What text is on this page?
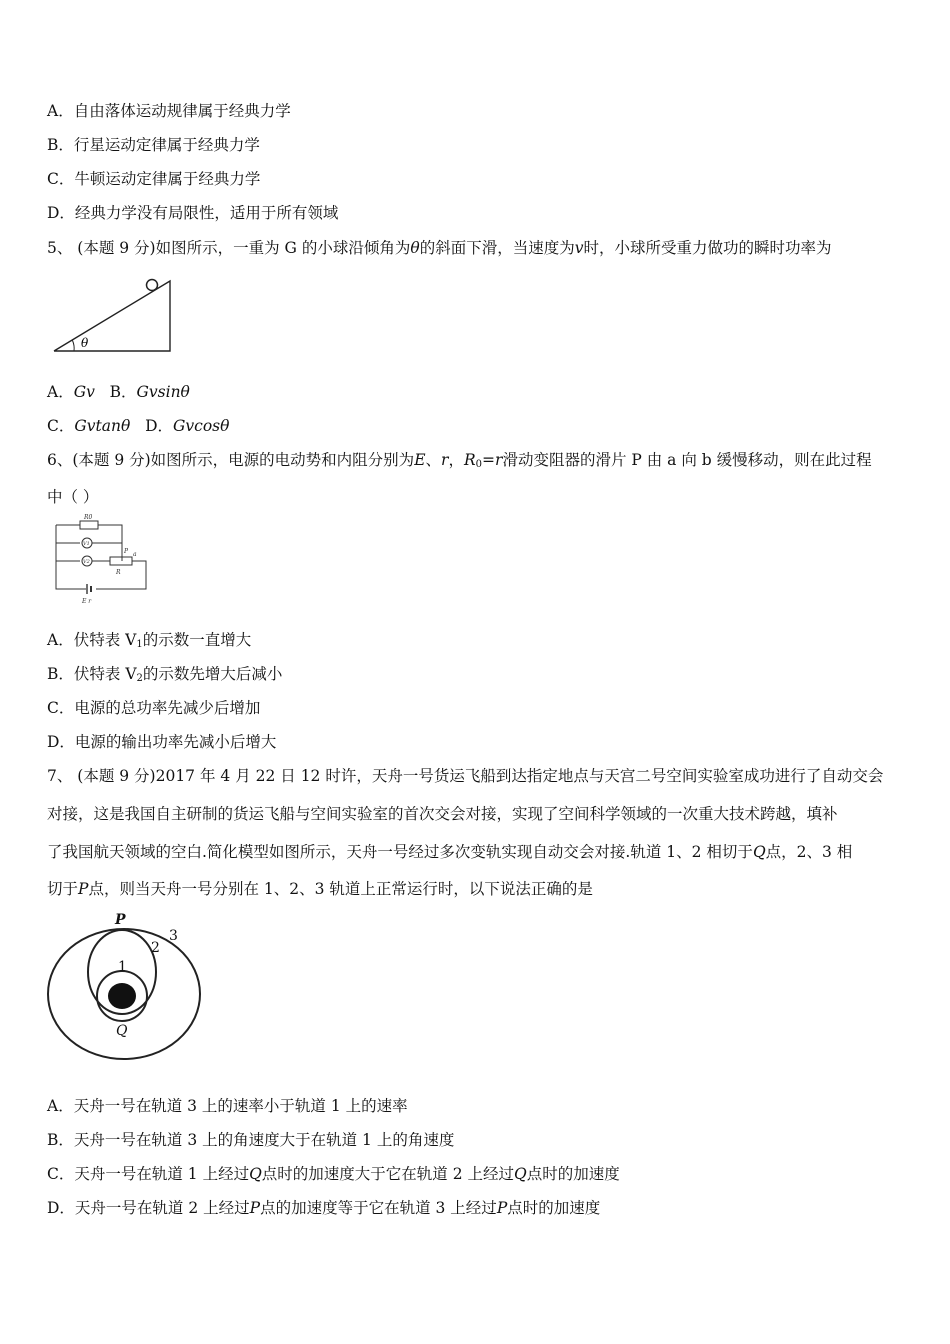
A．自由落体运动规律属于经典力学
B．行星运动定律属于经典力学
C．牛顿运动定律属于经典力学
D．经典力学没有局限性，适用于所有领域
5、 (本题 9 分)如图所示，一重为 G 的小球沿倾角为θ的斜面下滑，当速度为v时，小球所受重力做功的瞬时功率为
θ
A．Gv B．Gvsinθ
C．Gvtanθ D．Gvcosθ
6、(本题 9 分)如图所示，电源的电动势和内阻分别为E、r，$R_0=r$滑动变阻器的滑片 P 由 a 向 b 缓慢移动，则在此过程
中（ ）
R0
V1
V2
P a
R
E r
A．伏特表 $V_1$的示数一直增大
B．伏特表 $V_2$的示数先增大后减小
C．电源的总功率先减少后增加
D．电源的输出功率先减小后增大
7、 (本题 9 分)2017 年 4 月 22 日 12 时许，天舟一号货运飞船到达指定地点与天宫二号空间实验室成功进行了自动交会
对接，这是我国自主研制的货运飞船与空间实验室的首次交会对接，实现了空间科学领域的一次重大技术跨越，填补
了我国航天领域的空白.简化模型如图所示，天舟一号经过多次变轨实现自动交会对接.轨道 1、2 相切于Q点，2、3 相
切于P点，则当天舟一号分别在 1、2、3 轨道上正常运行时，以下说法正确的是
P
Q
1
2
3
A．天舟一号在轨道 3 上的速率小于轨道 1 上的速率
B．天舟一号在轨道 3 上的角速度大于在轨道 1 上的角速度
C．天舟一号在轨道 1 上经过Q点时的加速度大于它在轨道 2 上经过Q点时的加速度
D．天舟一号在轨道 2 上经过P点的加速度等于它在轨道 3 上经过P点时的加速度
